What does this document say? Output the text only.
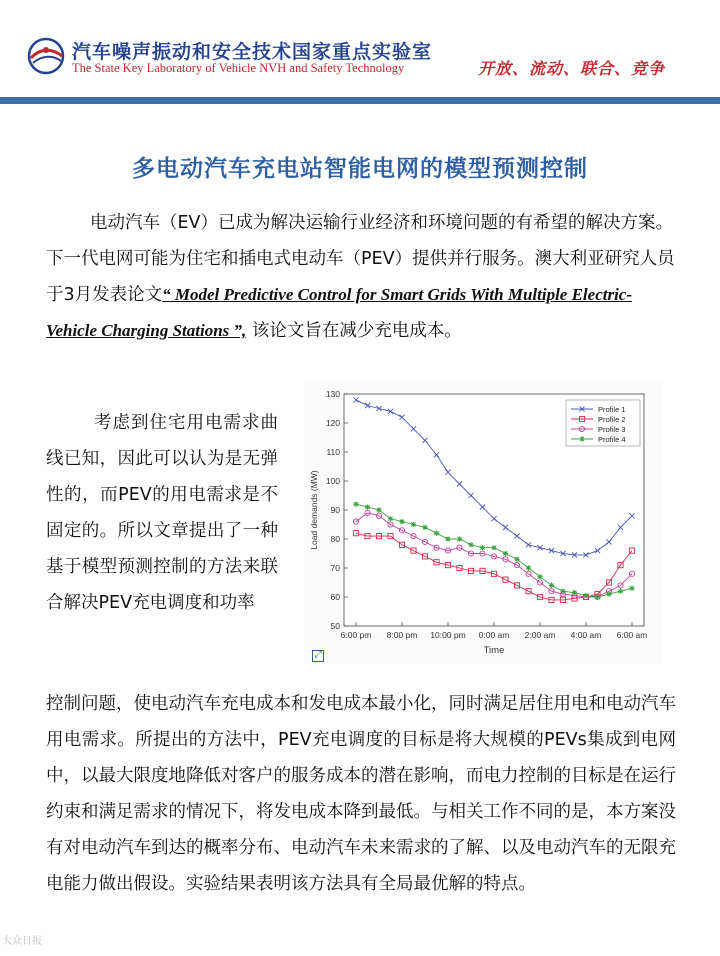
汽车噪声振动和安全技术国家重点实验室
The State Key Laboratory of Vehicle NVH and Safety Technology	开放、流动、联合、竞争
多电动汽车充电站智能电网的模型预测控制

电动汽车（EV）已成为解决运输行业经济和环境问题的有希望的解决方案。下一代电网可能为住宅和插电式电动车（PEV）提供并行服务。澳大利亚研究人员于3月发表论文“ Model Predictive Control for Smart Grids With Multiple Electric-Vehicle Charging Stations ”, 该论文旨在减少充电成本。

考虑到住宅用电需求曲线已知，因此可以认为是无弹性的，而PEV的用电需求是不固定的。所以文章提出了一种基于模型预测控制的方法来联合解决PEV充电调度和功率

Load demands (MW)
Time
50
60
70
80
90
100
110
120
130
6:00 pm 8:00 pm 10:00 pm 0:00 am 2:00 am 4:00 am 6:00 am
Profile 1
Profile 2
Profile 3
Profile 4
⤢

控制问题，使电动汽车充电成本和发电成本最小化，同时满足居住用电和电动汽车用电需求。所提出的方法中，PEV充电调度的目标是将大规模的PEVs集成到电网中，以最大限度地降低对客户的服务成本的潜在影响，而电力控制的目标是在运行约束和满足需求的情况下，将发电成本降到最低。与相关工作不同的是，本方案没有对电动汽车到达的概率分布、电动汽车未来需求的了解、以及电动汽车的无限充电能力做出假设。实验结果表明该方法具有全局最优解的特点。

大众日报
